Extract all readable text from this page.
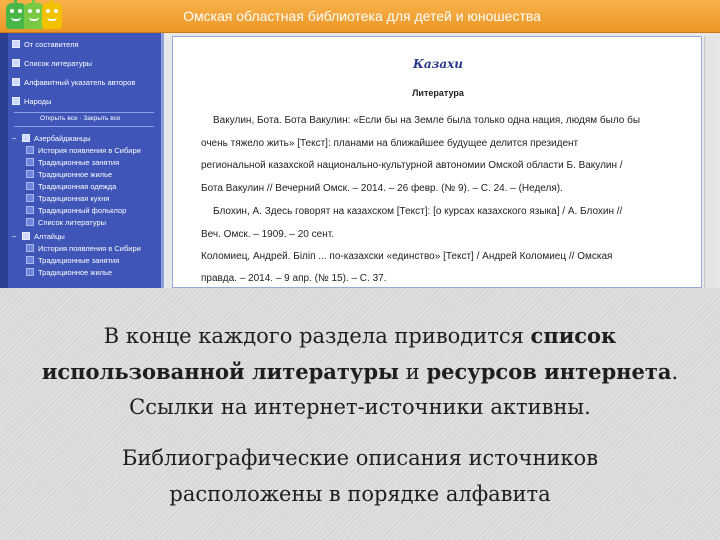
Омская областная библиотека для детей и юношества
От составителя
Список литературы
Алфавитный указатель авторов
Народы
Открыть все · Закрыть все
− Азербайджанцы
История появления в Сибири
Традиционные занятия
Традиционное жилье
Традиционная одежда
Традиционная кухня
Традиционный фольклор
Список литературы
− Алтайцы
История появления в Сибири
Традиционные занятия
Традиционное жилье
Казахи
Литература
Вакулин, Бота. Бота Вакулин: «Если бы на Земле была только одна нация, людям было бы
очень тяжело жить» [Текст]: планами на ближайшее будущее делится президент
региональной казахской национально-культурной автономии Омской области Б. Вакулин /
Бота Вакулин // Вечерний Омск. – 2014. – 26 февр. (№ 9). – С. 24. – (Неделя).
Блохин, А. Здесь говорят на казахском [Текст]: [о курсах казахского языка] / А. Блохин //
Веч. Омск. – 1909. – 20 сент.
Коломиец, Андрей. Біліп ... по-казахски «единство» [Текст] / Андрей Коломиец // Омская
правда. – 2014. – 9 апр. (№ 15). – С. 37.
В конце каждого раздела приводится список
использованной литературы и ресурсов интернета.
Ссылки на интернет-источники активны.
Библиографические описания источников
расположены в порядке алфавита
